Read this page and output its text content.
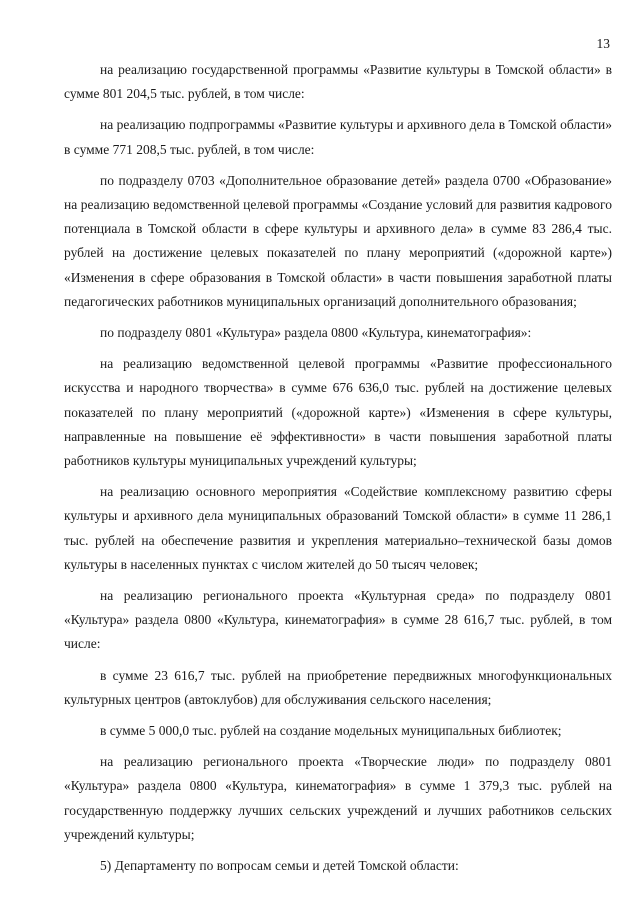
13

на реализацию государственной программы «Развитие культуры в Томской области» в сумме 801 204,5 тыс. рублей, в том числе:

на реализацию подпрограммы «Развитие культуры и архивного дела в Томской области» в сумме 771 208,5 тыс. рублей, в том числе:

по подразделу 0703 «Дополнительное образование детей» раздела 0700 «Образование» на реализацию ведомственной целевой программы «Создание условий для развития кадрового потенциала в Томской области в сфере культуры и архивного дела» в сумме 83 286,4 тыс. рублей на достижение целевых показателей по плану мероприятий («дорожной карте») «Изменения в сфере образования в Томской области» в части повышения заработной платы педагогических работников муниципальных организаций дополнительного образования;

по подразделу 0801 «Культура» раздела 0800 «Культура, кинематография»:

на реализацию ведомственной целевой программы «Развитие профессионального искусства и народного творчества» в сумме 676 636,0 тыс. рублей на достижение целевых показателей по плану мероприятий («дорожной карте») «Изменения в сфере культуры, направленные на повышение её эффективности» в части повышения заработной платы работников культуры муниципальных учреждений культуры;

на реализацию основного мероприятия «Содействие комплексному развитию сферы культуры и архивного дела муниципальных образований Томской области» в сумме 11 286,1 тыс. рублей на обеспечение развития и укрепления материально–технической базы домов культуры в населенных пунктах с числом жителей до 50 тысяч человек;

на реализацию регионального проекта «Культурная среда» по подразделу 0801 «Культура» раздела 0800 «Культура, кинематография» в сумме 28 616,7 тыс. рублей, в том числе:

в сумме 23 616,7 тыс. рублей на приобретение передвижных многофункциональных культурных центров (автоклубов) для обслуживания сельского населения;

в сумме 5 000,0 тыс. рублей на создание модельных муниципальных библиотек;

на реализацию регионального проекта «Творческие люди» по подразделу 0801 «Культура» раздела 0800 «Культура, кинематография» в сумме 1 379,3 тыс. рублей на государственную поддержку лучших сельских учреждений и лучших работников сельских учреждений культуры;

5) Департаменту по вопросам семьи и детей Томской области:
